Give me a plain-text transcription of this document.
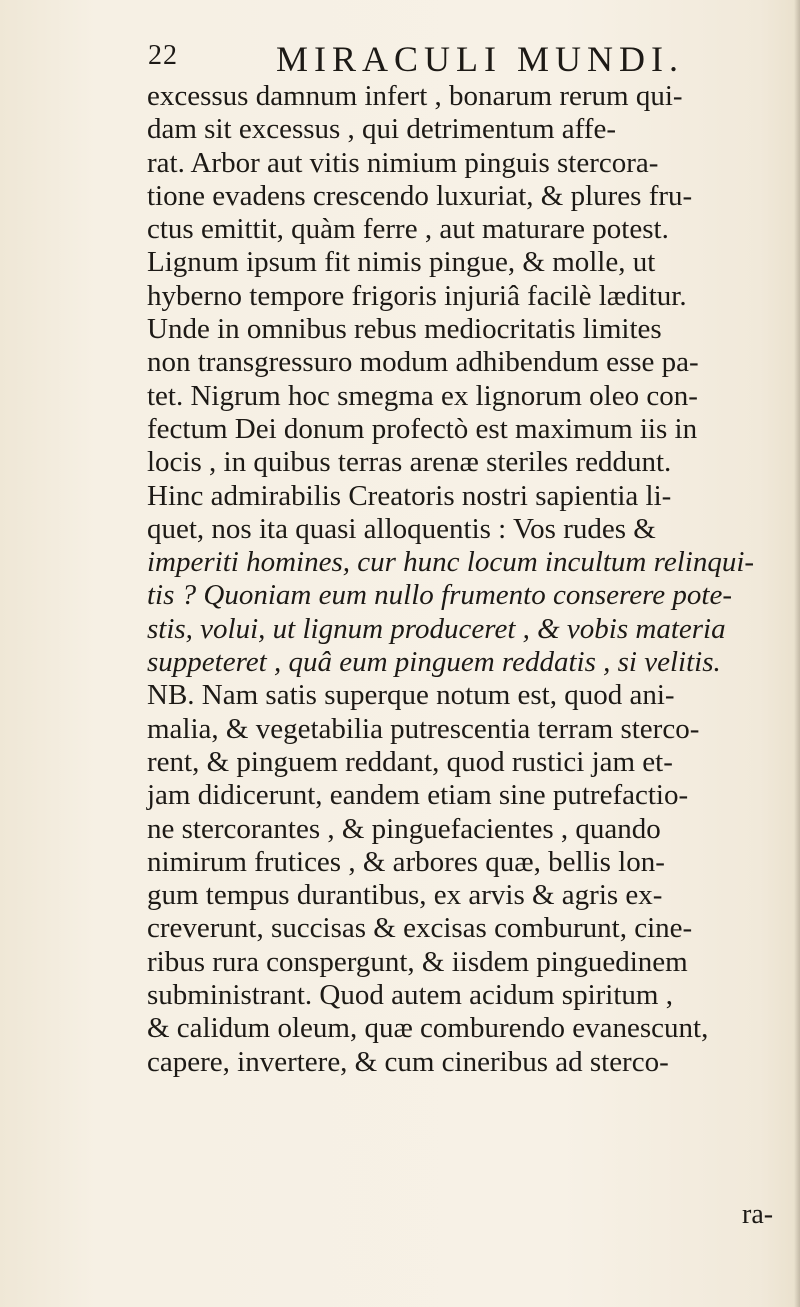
22	MIRACULI MUNDI.
excessus damnum infert , bonarum rerum qui-
dam sit excessus , qui detrimentum affe-
rat. Arbor aut vitis nimium pinguis stercora-
tione evadens crescendo luxuriat, & plures fru-
ctus emittit, quàm ferre , aut maturare potest.
Lignum ipsum fit nimis pingue, & molle, ut
hyberno tempore frigoris injuriâ facilè læditur.
Unde in omnibus rebus mediocritatis limites
non transgressuro modum adhibendum esse pa-
tet. Nigrum hoc smegma ex lignorum oleo con-
fectum Dei donum profectò est maximum iis in
locis , in quibus terras arenæ steriles reddunt.
Hinc admirabilis Creatoris nostri sapientia li-
quet, nos ita quasi alloquentis : Vos rudes &
imperiti homines, cur hunc locum incultum relinqui-
tis ? Quoniam eum nullo frumento conserere pote-
stis, volui, ut lignum produceret , & vobis materia
suppeteret , quâ eum pinguem reddatis , si velitis.
NB. Nam satis superque notum est, quod ani-
malia, & vegetabilia putrescentia terram sterco-
rent, & pinguem reddant, quod rustici jam et-
jam didicerunt, eandem etiam sine putrefactio-
ne stercorantes , & pinguefacientes , quando
nimirum frutices , & arbores quæ, bellis lon-
gum tempus durantibus, ex arvis & agris ex-
creverunt, succisas & excisas comburunt, cine-
ribus rura conspergunt, & iisdem pinguedinem
subministrant. Quod autem acidum spiritum ,
& calidum oleum, quæ comburendo evanescunt,
capere, invertere, & cum cineribus ad sterco-
ra-
